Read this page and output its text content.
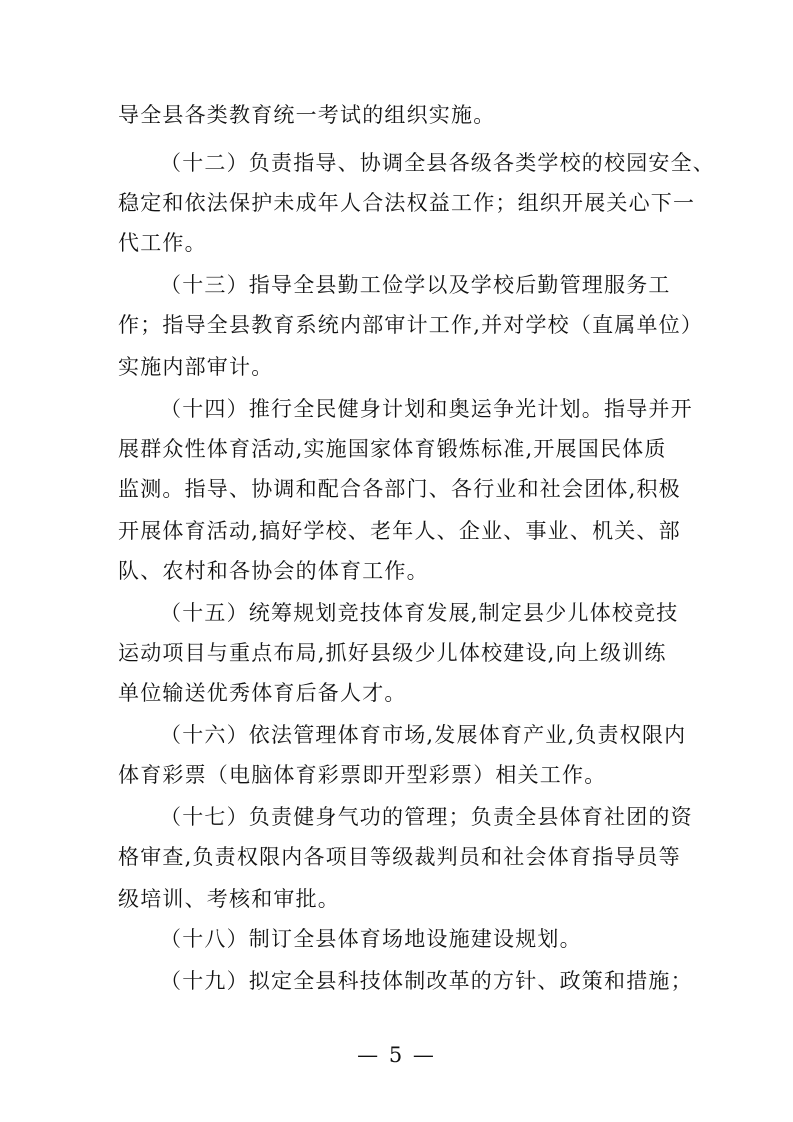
导全县各类教育统一考试的组织实施。
（十二）负责指导、协调全县各级各类学校的校园安全、
稳定和依法保护未成年人合法权益工作；组织开展关心下一
代工作。
（十三）指导全县勤工俭学以及学校后勤管理服务工
作；指导全县教育系统内部审计工作,并对学校（直属单位）
实施内部审计。
（十四）推行全民健身计划和奥运争光计划。指导并开
展群众性体育活动,实施国家体育锻炼标准,开展国民体质
监测。指导、协调和配合各部门、各行业和社会团体,积极
开展体育活动,搞好学校、老年人、企业、事业、机关、部
队、农村和各协会的体育工作。
（十五）统筹规划竞技体育发展,制定县少儿体校竞技
运动项目与重点布局,抓好县级少儿体校建设,向上级训练
单位输送优秀体育后备人才。
（十六）依法管理体育市场,发展体育产业,负责权限内
体育彩票（电脑体育彩票即开型彩票）相关工作。
（十七）负责健身气功的管理；负责全县体育社团的资
格审查,负责权限内各项目等级裁判员和社会体育指导员等
级培训、考核和审批。
（十八）制订全县体育场地设施建设规划。
（十九）拟定全县科技体制改革的方针、政策和措施；
— 5 —
